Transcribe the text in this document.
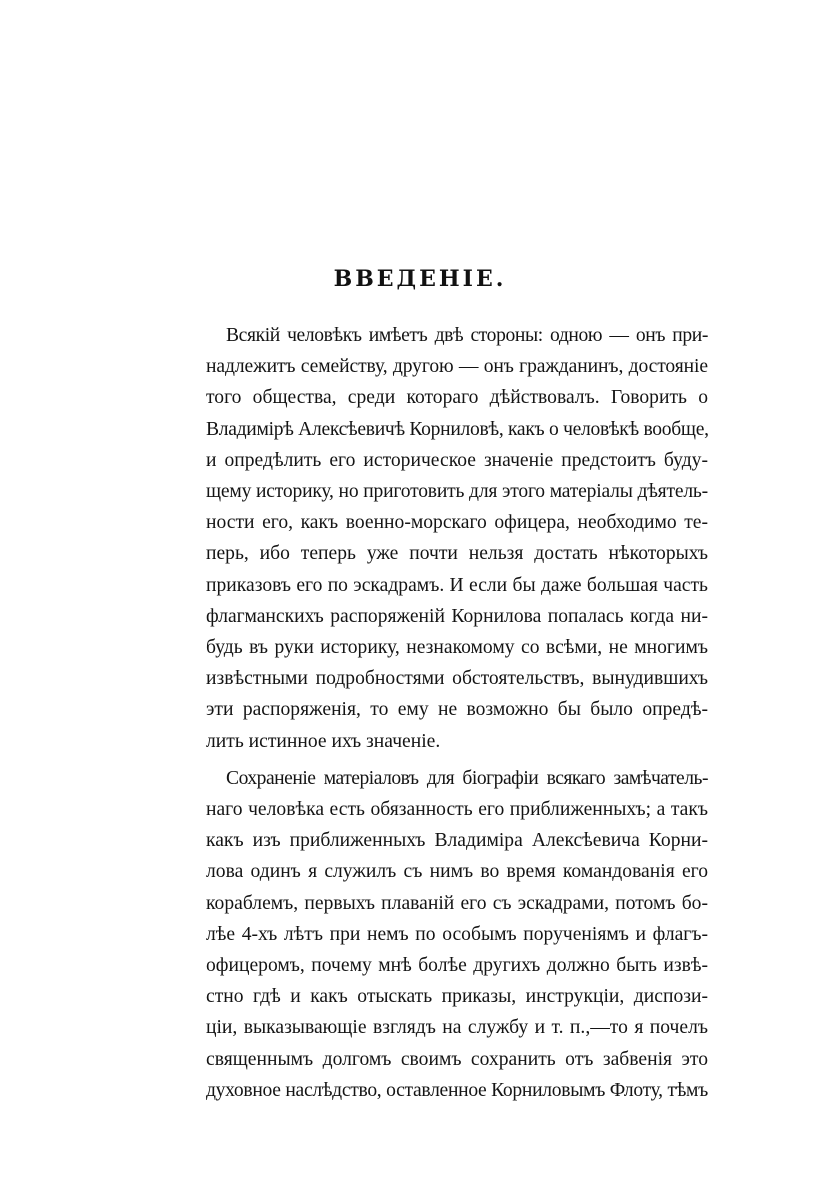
ВВЕДЕНІЕ.

Всякій человѣкъ имѣетъ двѣ стороны: одною — онъ при-
надлежитъ семейству, другою — онъ гражданинъ, достояніе
того общества, среди котораго дѣйствовалъ. Говорить о
Владимірѣ Алексѣевичѣ Корниловѣ, какъ о человѣкѣ вообще,
и опредѣлить его историческое значеніе предстоитъ буду-
щему историку, но приготовить для этого матеріалы дѣятель-
ности его, какъ военно-морскаго офицера, необходимо те-
перь, ибо теперь уже почти нельзя достать нѣкоторыхъ
приказовъ его по эскадрамъ. И если бы даже большая часть
флагманскихъ распоряженій Корнилова попалась когда ни-
будь въ руки историку, незнакомому со всѣми, не многимъ
извѣстными подробностями обстоятельствъ, вынудившихъ
эти распоряженія, то ему не возможно бы было опредѣ-
лить истинное ихъ значеніе.

Сохраненіе матеріаловъ для біографіи всякаго замѣчатель-
наго человѣка есть обязанность его приближенныхъ; а такъ
какъ изъ приближенныхъ Владиміра Алексѣевича Корни-
лова одинъ я служилъ съ нимъ во время командованія его
кораблемъ, первыхъ плаваній его съ эскадрами, потомъ бо-
лѣе 4-хъ лѣтъ при немъ по особымъ порученіямъ и флагъ-
офицеромъ, почему мнѣ болѣе другихъ должно быть извѣ-
стно гдѣ и какъ отыскать приказы, инструкціи, диспози-
ціи, выказывающіе взглядъ на службу и т. п.,—то я почелъ
священнымъ долгомъ своимъ сохранить отъ забвенія это
духовное наслѣдство, оставленное Корниловымъ Флоту, тѣмъ
